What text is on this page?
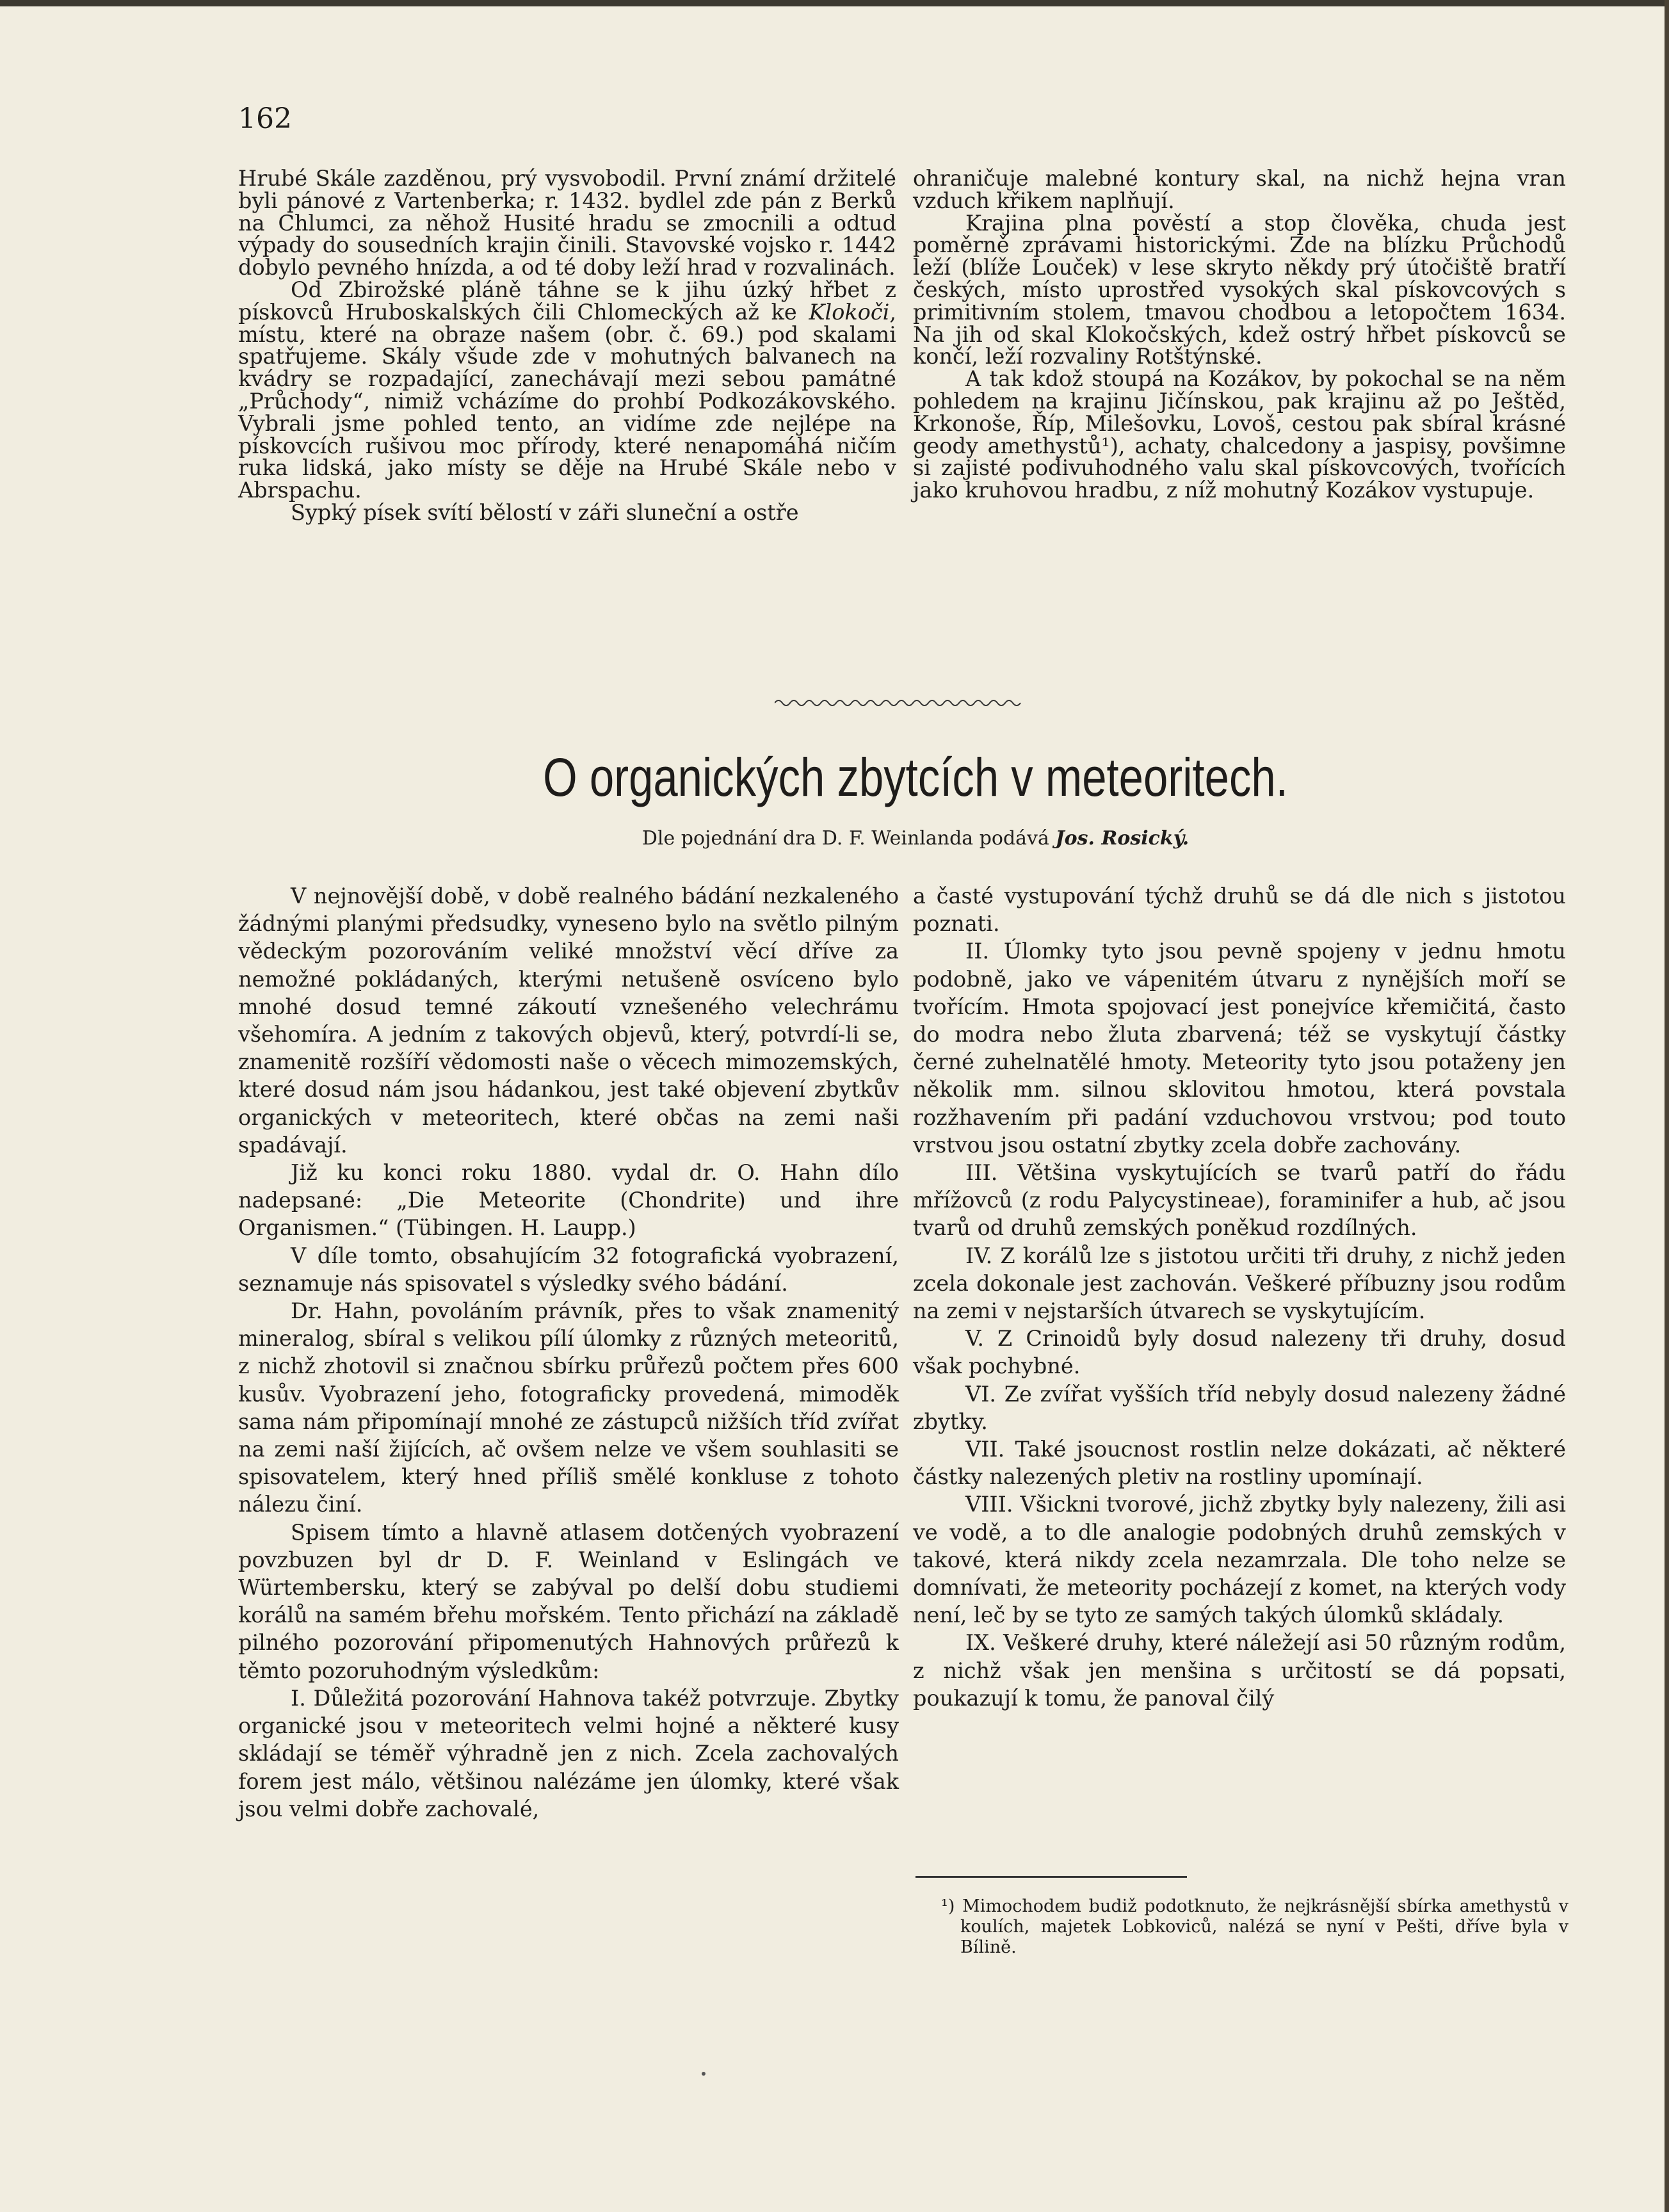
162

Hrubé Skále zazděnou, prý vysvobodil. První známí držitelé byli pánové z Vartenberka; r. 1432. bydlel zde pán z Berků na Chlumci, za něhož Husité hradu se zmocnili a odtud výpady do sousedních krajin činili. Stavovské vojsko r. 1442 dobylo pevného hnízda, a od té doby leží hrad v rozvalinách.

Od Zbirožské pláně táhne se k jihu úzký hřbet z pískovců Hruboskalských čili Chlomeckých až ke Klokoči, místu, které na obraze našem (obr. č. 69.) pod skalami spatřujeme. Skály všude zde v mohutných balvanech na kvádry se rozpadající, zanechávají mezi sebou památné „Průchody“, nimiž vcházíme do prohbí Podkozákovského. Vybrali jsme pohled tento, an vidíme zde nejlépe na pískovcích rušivou moc přírody, které nenapomáhá ničím ruka lidská, jako místy se děje na Hrubé Skále nebo v Abrspachu.

Sypký písek svítí bělostí v záři sluneční a ostře

ohraničuje malebné kontury skal, na nichž hejna vran vzduch křikem naplňují.

Krajina plna pověstí a stop člověka, chuda jest poměrně zprávami historickými. Zde na blízku Průchodů leží (blíže Louček) v lese skryto někdy prý útočiště bratří českých, místo uprostřed vysokých skal pískovcových s primitivním stolem, tmavou chodbou a letopočtem 1634. Na jih od skal Klokočských, kdež ostrý hřbet pískovců se končí, leží rozvaliny Rotštýnské.

A tak kdož stoupá na Kozákov, by pokochal se na něm pohledem na krajinu Jičínskou, pak krajinu až po Ještěd, Krkonoše, Říp, Milešovku, Lovoš, cestou pak sbíral krásné geody amethystů¹), achaty, chalcedony a jaspisy, povšimne si zajisté podivuhodného valu skal pískovcových, tvořících jako kruhovou hradbu, z níž mohutný Kozákov vystupuje.

O organických zbytcích v meteoritech.
Dle pojednání dra D. F. Weinlanda podává Jos. Rosický.

V nejnovější době, v době realného bádání nezkaleného žádnými planými předsudky, vyneseno bylo na světlo pilným vědeckým pozorováním veliké množství věcí dříve za nemožné pokládaných, kterými netušeně osvíceno bylo mnohé dosud temné zákoutí vznešeného velechrámu všehomíra. A jedním z takových objevů, který, potvrdí-li se, znamenitě rozšíří vědomosti naše o věcech mimozemských, které dosud nám jsou hádankou, jest také objevení zbytkův organických v meteoritech, které občas na zemi naši spadávají.

Již ku konci roku 1880. vydal dr. O. Hahn dílo nadepsané: „Die Meteorite (Chondrite) und ihre Organismen.“ (Tübingen. H. Laupp.)

V díle tomto, obsahujícím 32 fotografická vyobrazení, seznamuje nás spisovatel s výsledky svého bádání.

Dr. Hahn, povoláním právník, přes to však znamenitý mineralog, sbíral s velikou pílí úlomky z různých meteoritů, z nichž zhotovil si značnou sbírku průřezů počtem přes 600 kusův. Vyobrazení jeho, fotograficky provedená, mimoděk sama nám připomínají mnohé ze zástupců nižších tříd zvířat na zemi naší žijících, ač ovšem nelze ve všem souhlasiti se spisovatelem, který hned příliš smělé konkluse z tohoto nálezu činí.

Spisem tímto a hlavně atlasem dotčených vyobrazení povzbuzen byl dr D. F. Weinland v Eslingách ve Würtembersku, který se zabýval po delší dobu studiemi korálů na samém břehu mořském. Tento přichází na základě pilného pozorování připomenutých Hahnových průřezů k těmto pozoruhodným výsledkům:

I. Důležitá pozorování Hahnova takéž potvrzuje. Zbytky organické jsou v meteoritech velmi hojné a některé kusy skládají se téměř výhradně jen z nich. Zcela zachovalých forem jest málo, většinou nalézáme jen úlomky, které však jsou velmi dobře zachovalé,

a časté vystupování týchž druhů se dá dle nich s jistotou poznati.

II. Úlomky tyto jsou pevně spojeny v jednu hmotu podobně, jako ve vápenitém útvaru z nynějších moří se tvořícím. Hmota spojovací jest ponejvíce křemičitá, často do modra nebo žluta zbarvená; též se vyskytují částky černé zuhelnatělé hmoty. Meteority tyto jsou potaženy jen několik mm. silnou sklovitou hmotou, která povstala rozžhavením při padání vzduchovou vrstvou; pod touto vrstvou jsou ostatní zbytky zcela dobře zachovány.

III. Většina vyskytujících se tvarů patří do řádu mřížovců (z rodu Palycystineae), foraminifer a hub, ač jsou tvarů od druhů zemských poněkud rozdílných.

IV. Z korálů lze s jistotou určiti tři druhy, z nichž jeden zcela dokonale jest zachován. Veškeré příbuzny jsou rodům na zemi v nejstarších útvarech se vyskytujícím.

V. Z Crinoidů byly dosud nalezeny tři druhy, dosud však pochybné.

VI. Ze zvířat vyšších tříd nebyly dosud nalezeny žádné zbytky.

VII. Také jsoucnost rostlin nelze dokázati, ač některé částky nalezených pletiv na rostliny upomínají.

VIII. Všickni tvorové, jichž zbytky byly nalezeny, žili asi ve vodě, a to dle analogie podobných druhů zemských v takové, která nikdy zcela nezamrzala. Dle toho nelze se domnívati, že meteority pocházejí z komet, na kterých vody není, leč by se tyto ze samých takých úlomků skládaly.

IX. Veškeré druhy, které náležejí asi 50 různým rodům, z nichž však jen menšina s určitostí se dá popsati, poukazují k tomu, že panoval čilý

¹) Mimochodem budiž podotknuto, že nejkrásnější sbírka amethystů v koulích, majetek Lobkoviců, nalézá se nyní v Pešti, dříve byla v Bílině.
